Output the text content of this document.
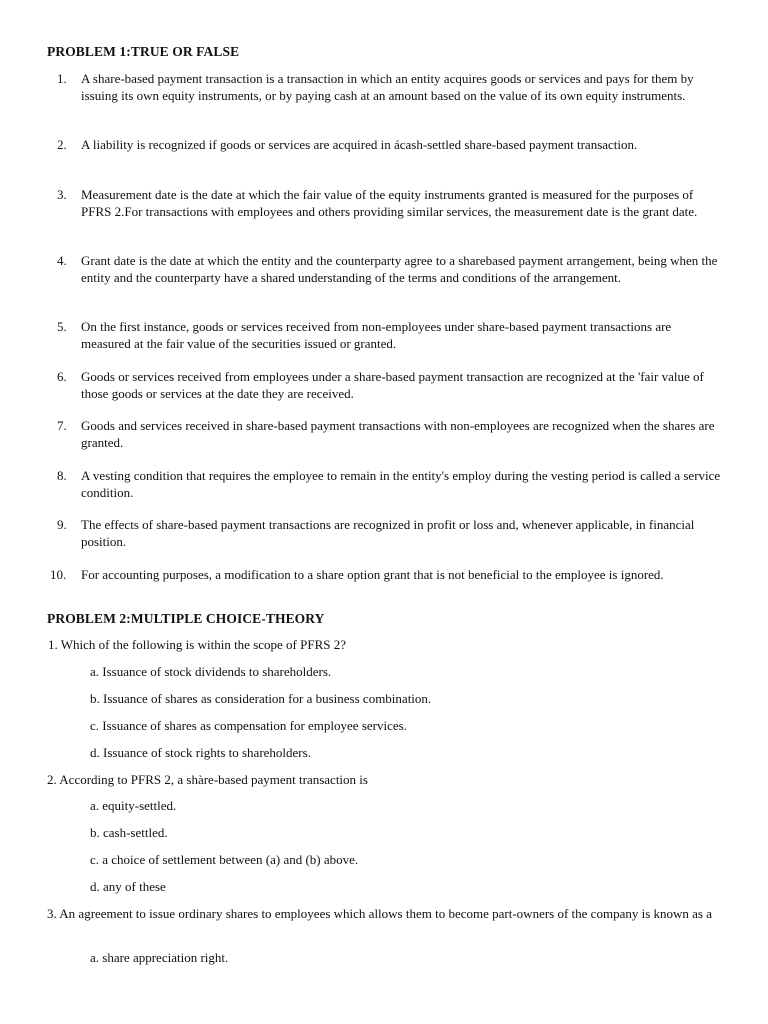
PROBLEM 1:TRUE OR FALSE
1.	A share-based payment transaction is a transaction in which an entity acquires goods or services and pays for them by issuing its own equity instruments, or by paying cash at an amount based on the value of its own equity instruments.
2.	A liability is recognized if goods or services are acquired in ácash-settled share-based payment transaction.
3.	Measurement date is the date at which the fair value of the equity instruments granted is measured for the purposes of PFRS 2.For transactions with employees and others providing similar services, the measurement date is the grant date.
4.	Grant date is the date at which the entity and the counterparty agree to a sharebased payment arrangement, being when the entity and the counterparty have a shared understanding of the terms and conditions of the arrangement.
5.	On the first instance, goods or services received from non-employees under share-based payment transactions are measured at the fair value of the securities issued or granted.
6.	Goods or services received from employees under a share-based payment transaction are recognized at the 'fair value of those goods or services at the date they are received.
7.	Goods and services received in share-based payment transactions with non-employees are recognized when the shares are granted.
8.	A vesting condition that requires the employee to remain in the entity's employ during the vesting period is called a service condition.
9.	The effects of share-based payment transactions are recognized in profit or loss and, whenever applicable, in financial position.
10.	For accounting purposes, a modification to a share option grant that is not beneficial to the employee is ignored.
PROBLEM 2:MULTIPLE CHOICE-THEORY
1. Which of the following is within the scope of PFRS 2?
a. Issuance of stock dividends to shareholders.
b. Issuance of shares as consideration for a business combination.
c. Issuance of shares as compensation for employee services.
d. Issuance of stock rights to shareholders.
2. According to PFRS 2, a shàre-based payment transaction is
a. equity-settled.
b. cash-settled.
c. a choice of settlement between (a) and (b) above.
d. any of these
3. An agreement to issue ordinary shares to employees which allows them to become part-owners of the company is known as a
a. share appreciation right.
